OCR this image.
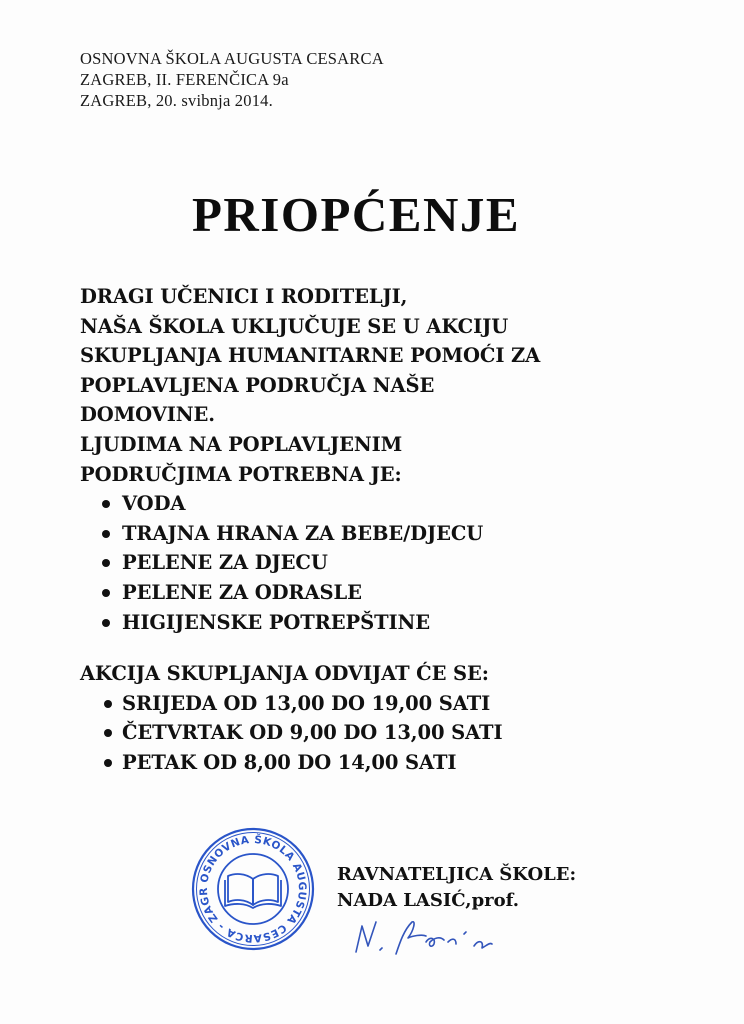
OSNOVNA ŠKOLA AUGUSTA CESARCA
ZAGREB, II. FERENČICA 9a
ZAGREB, 20. svibnja 2014.
PRIOPĆENJE
DRAGI UČENICI I RODITELJI,
NAŠA ŠKOLA UKLJUČUJE SE U AKCIJU
SKUPLJANJA HUMANITARNE POMOĆI ZA
POPLAVLJENA PODRUČJA NAŠE
DOMOVINE.
LJUDIMA NA POPLAVLJENIM
PODRUČJIMA POTREBNA JE:
VODA
TRAJNA HRANA ZA BEBE/DJECU
PELENE ZA DJECU
PELENE ZA ODRASLE
HIGIJENSKE POTREPŠTINE
AKCIJA SKUPLJANJA ODVIJAT ĆE SE:
SRIJEDA OD 13,00 DO 19,00 SATI
ČETVRTAK OD 9,00 DO 13,00 SATI
PETAK OD 8,00 DO 14,00 SATI
OSNOVNA ŠKOLA AUGUSTA CESARCA - ZAGR
RAVNATELJICA ŠKOLE:
NADA LASIĆ,prof.
